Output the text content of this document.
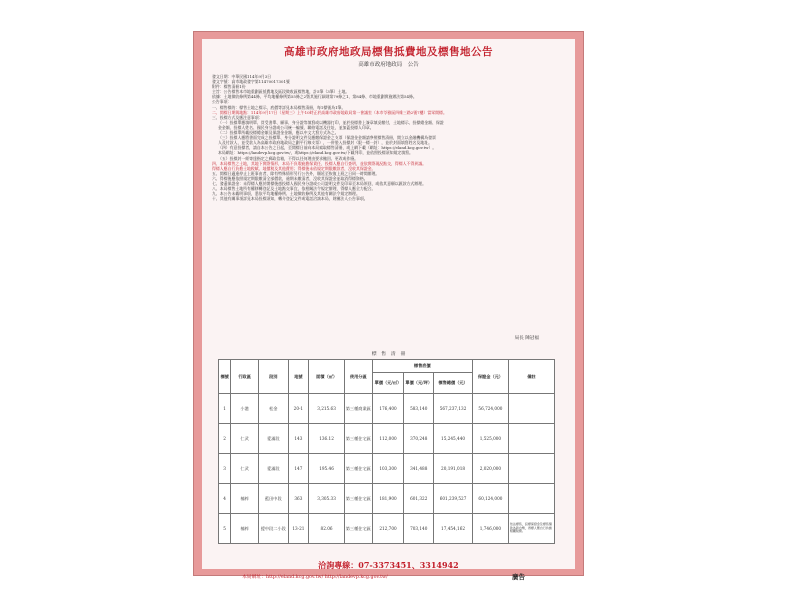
高雄市政府地政局標售抵費地及標售地公告
高雄市政府地政局　公告
發文日期：中華民國114年9月3日
發文字號：高市地政發字第11470017301號
附件：標售清冊1份
主旨：公告標售本市地重劃區抵費地及區段徵收區標售地，計5筆（3筆）土地。
依據：土地徵收條例第44條、平均地權條例第55條之2暨其施行細則第79條之1、第84條、市地重劃實施辦法第54條。
公告事項：
一、標售標的：標售土地之標示、底價等詳見本局標售清冊，每1標號為1筆。
二、開標日期與地點：114年9月17日（星期三）上午10時正於高雄市政府地政局第一會議室（本市苓雅區四維三路2號7樓）當眾開標。
三、投標方式及應注意事項：
（一）投標單應填明單、買受書單、願事、身分證等填寫或以機器打印，並於投標書上簽章填妥繳付，土地標示、投標總金額、保證
金金額、投標人姓名、國民身分證或公司統一編號、聯絡電話及住址，並加蓋投標人印章。
（二）投標單所載投標總金額及保證金金額，應以中文大寫方式為之。
（三）投標人應將書面完成之投標單、身分證明文件及應繳保證金之支票（保證金金額請參照標售清冊，開立以金融機構為發票
人及付款人，並受款人為高雄市政府地政局之劃平行線支票），一併裝入投標封（限一標一封），並於封面填寫姓名及地址。
（四）有意投標者，請自本公告之日起，至開標日前向本局索取標售清冊，或上網下載（網址：https://eland.kcg.gov.tw）。
本局網址：https://landevp.kcg.gov.tw/，或https://eland.kcg.gov.tw/下載列印，並依照投標須知規定填寫。
（五）投標封一經寄達指定之郵政信箱，不得以任何理由要求撤回、更改或作廢。
四、本局標售之土地，其地下實際情形，本局不負瑕疵擔保責任，投標人應自行查明，並依實際現況點交，得標人不得異議。
得標人應自行負擔土地稅賦、地價稅及其他費用；得標後未依規定期限繳款者，沒收其保證金。
五、開標日適逢停止上班事由者，除有特殊情形另行公告外，順延至恢復上班之日同一時間辦理。
六、得標後應依照規定期限繳清全部價款，逾期未繳清者，沒收其保證金並取消得標資格。
七、發還保證金：未得標人應於開標後憑投標人國民身分證或公司證明文件及印章至本局領回，或依其意願以匯款方式辦理。
八、本局標售土地所有權移轉登記及土地點交事宜，依相關法令規定辦理，得標人應全力配合。
九、本公告未載明事項，悉依平均地權條例、土地徵收條例及其他有關法令規定辦理。
十、其他有關事項詳見本局投標須知，轉介登記文件或電話洽詢本局，財團法人公告事項。
局長 陳冠福
標　售　清　冊
標號	行政區	段別	地號	面積（㎡）	使用分區	標售底價			保證金（元）	備註
						單價（元/㎡）	單價（元/坪）	標售總價（元）		
1	小港	松金	20-1	3,215.63	第三種商業區	176,400	583,140	567,237,132	56,724,000	
2	仁武	愛滿段	143	136.12	第三種住宅區	112,000	370,248	15,245,440	1,525,000	
3	仁武	愛滿段	147	195.46	第三種住宅區	103,300	341,488	20,191,018	2,020,000	
4	楠梓	藍田中段	363	3,305.33	第三種住宅區	181,900	601,322	601,239,527	60,124,000	
5	楠梓	援中段二小段	13-21	82.06	第三種住宅區	212,700	703,140	17,454,162	1,746,000	依法標售，投標保證金及標售價款為新台幣，得標人應自行負擔相關稅費。
洽詢專線：07-3373451、3314942
本局網址：http://eland.kcg.gov.tw/ http://landevp.kcg.gov.tw/	廣告
